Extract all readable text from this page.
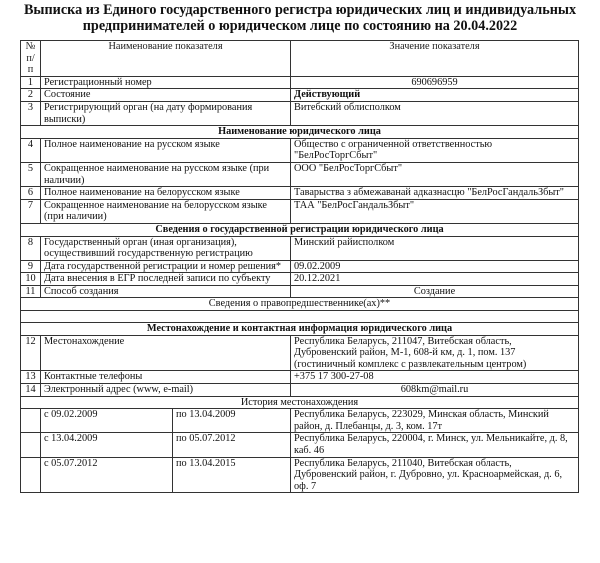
Выписка из Единого государственного регистра юридических лиц и индивидуальных предпринимателей о юридическом лице по состоянию на 20.04.2022
№ п/п	Наименование показателя		Значение показателя
1	Регистрационный номер		690696959
2	Состояние		Действующий
3	Регистрирующий орган (на дату формирования выписки)		Витебский облисполком
Наименование юридического лица			
4	Полное наименование на русском языке		Общество с ограниченной ответственностью "БелРосТоргСбыт"
5	Сокращенное наименование на русском языке (при наличии)		ООО "БелРосТоргСбыт"
6	Полное наименование на белорусском языке		Таварыства з абмежаванай адказнасцю "БелРосГандальЗбыт"
7	Сокращенное наименование на белорусском языке (при наличии)		ТАА "БелРосГандальЗбыт"
Сведения о государственной регистрации юридического лица			
8	Государственный орган (иная организация), осуществивший государственную регистрацию		Минский райисполком
9	Дата государственной регистрации и номер решения*		09.02.2009
10	Дата внесения в ЕГР последней записи по субъекту		20.12.2021
11	Способ создания		Создание
Сведения о правопредшественнике(ах)**			

Местонахождение и контактная информация юридического лица			
12	Местонахождение		Республика Беларусь, 211047, Витебская область, Дубровенский район, М-1, 608-й км, д. 1, пом. 137 (гостиничный комплекс с развлекательным центром)
13	Контактные телефоны		+375 17 300-27-08
14	Электронный адрес (www, e-mail)		608km@mail.ru
История местонахождения			
	с 09.02.2009	по 13.04.2009	Республика Беларусь, 223029, Минская область, Минский район, д. Плебанцы, д. 3, ком. 17т
	с 13.04.2009	по 05.07.2012	Республика Беларусь, 220004, г. Минск, ул. Мельникайте, д. 8, каб. 46
	с 05.07.2012	по 13.04.2015	Республика Беларусь, 211040, Витебская область, Дубровенский район, г. Дубровно, ул. Красноармейская, д. 6, оф. 7
